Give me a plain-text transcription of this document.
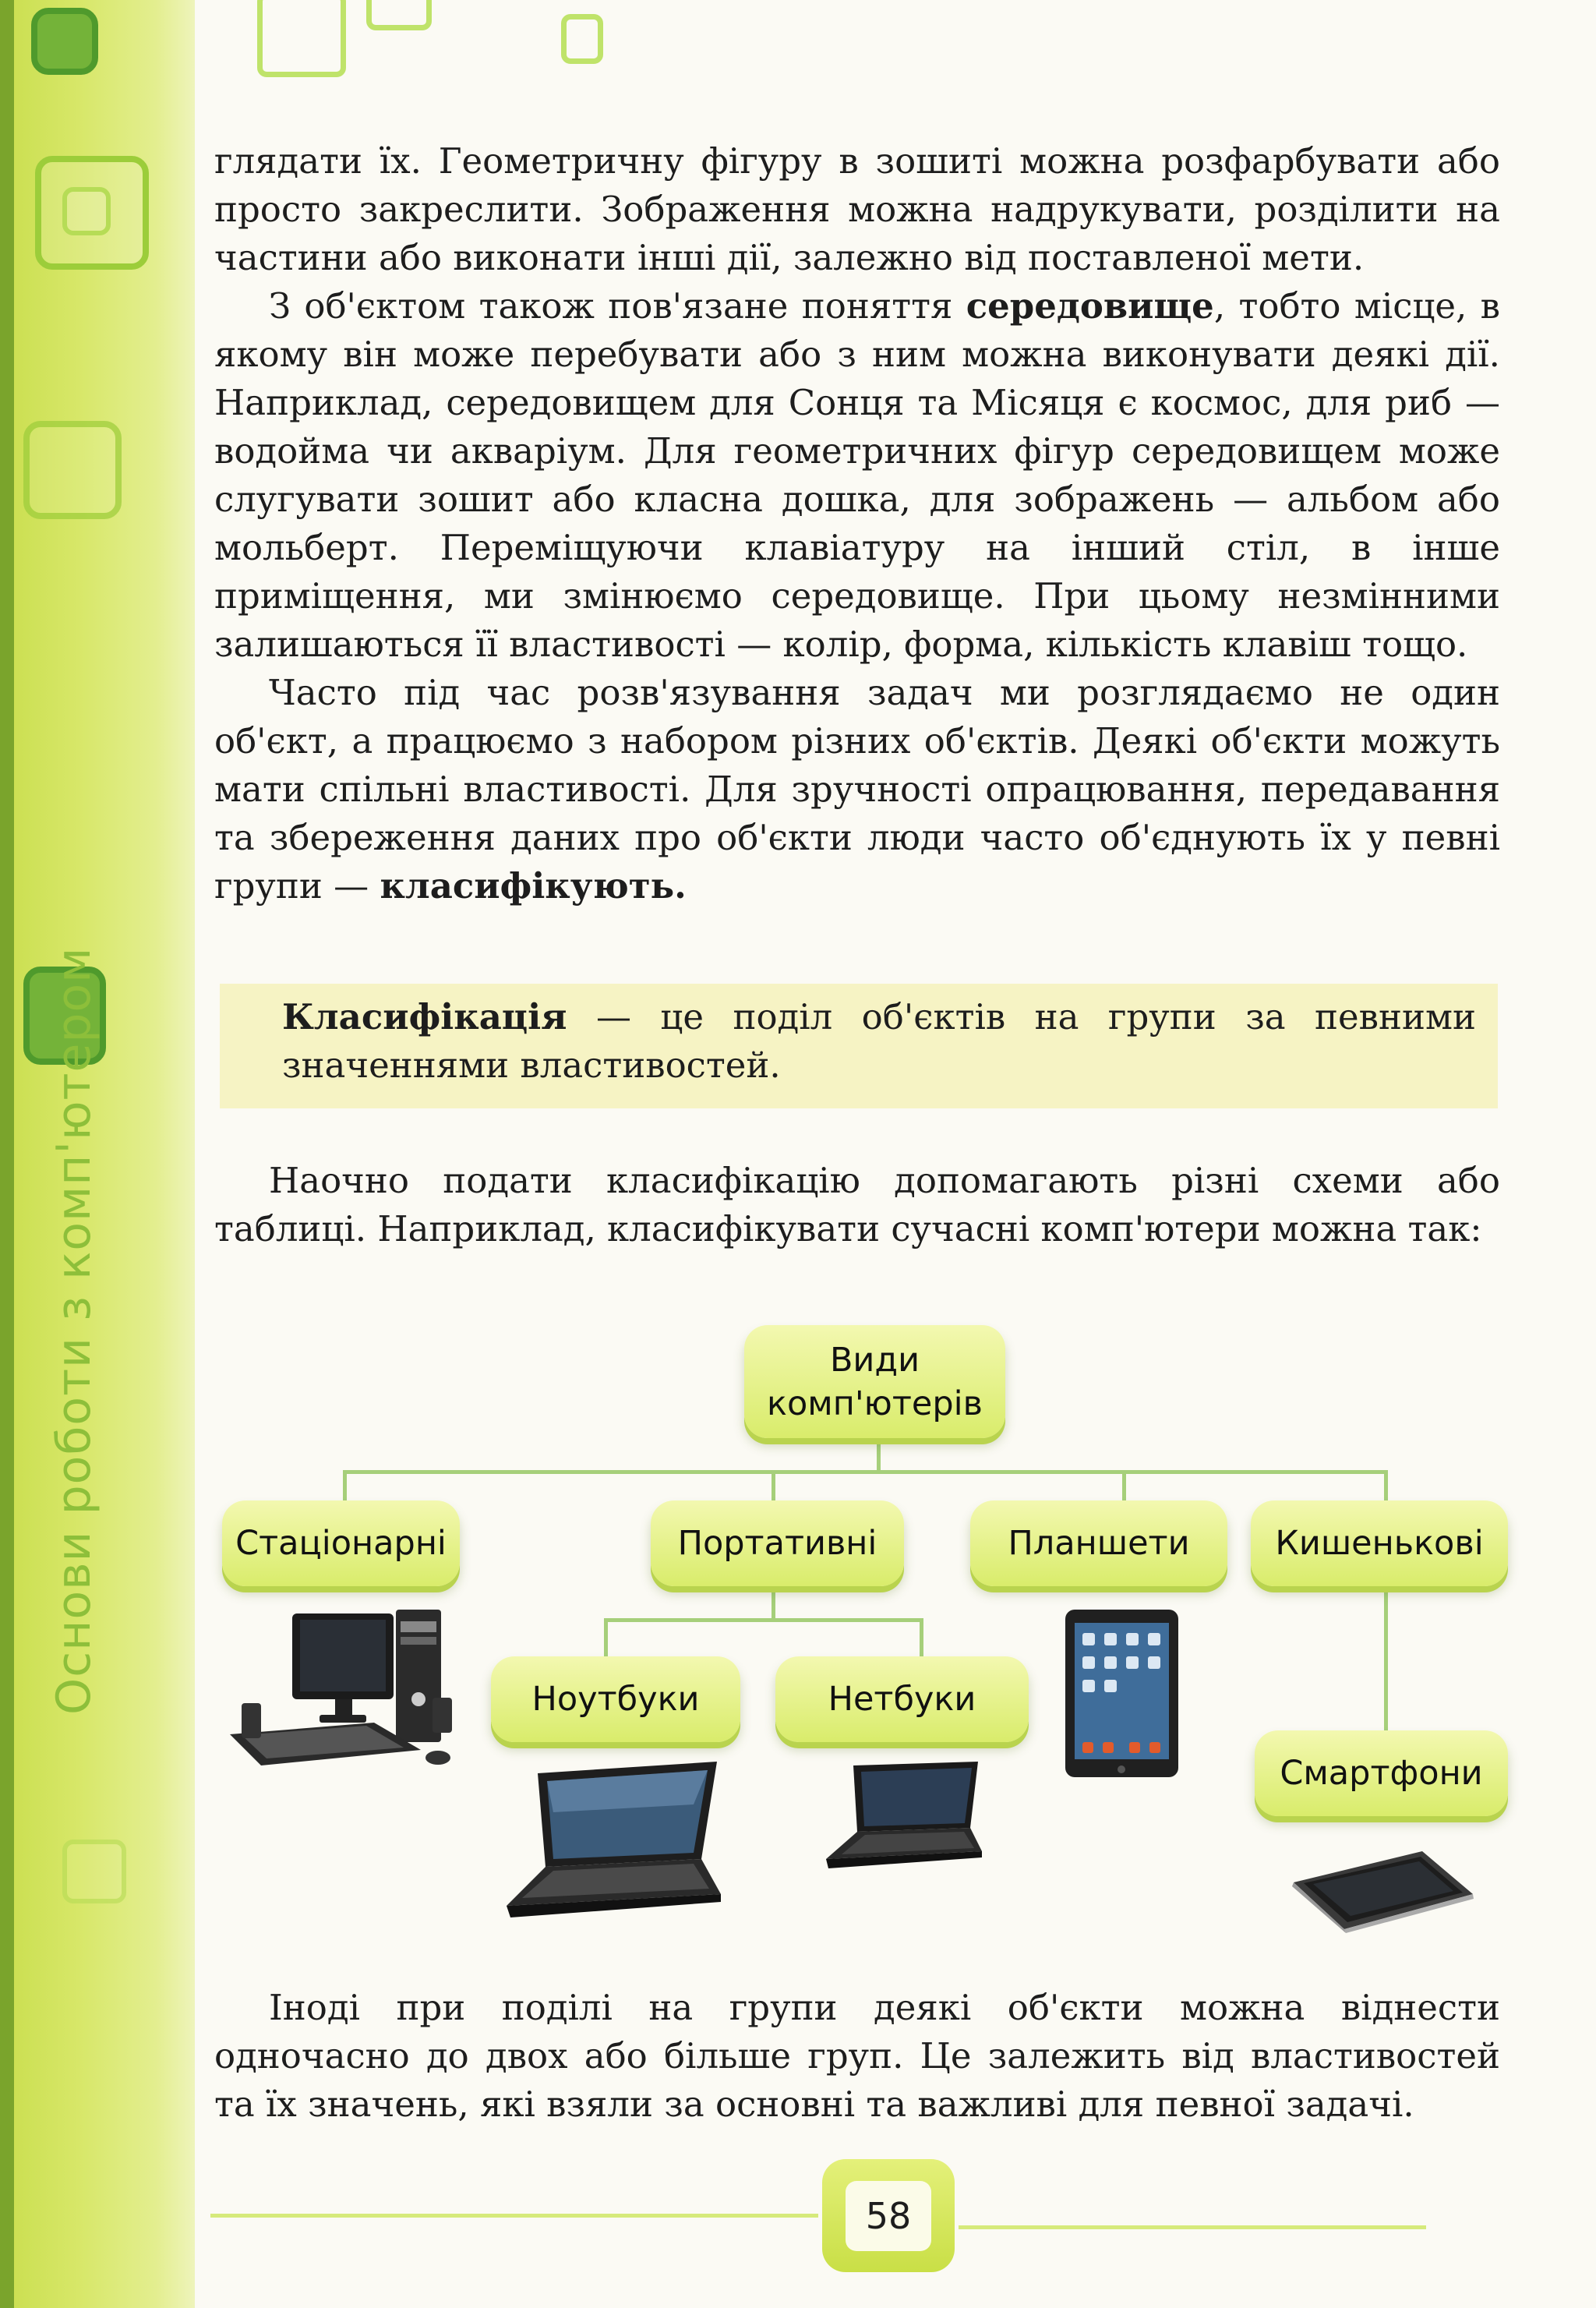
Основи роботи з комп'ютером

глядати їх. Геометричну фігуру в зошиті можна розфарбувати або просто закреслити. Зображення можна надрукувати, розділити на частини або виконати інші дії, залежно від поставленої мети.

З об'єктом також пов'язане поняття середовище, тобто місце, в якому він може перебувати або з ним можна виконувати деякі дії. Наприклад, середовищем для Сонця та Місяця є космос, для риб — водойма чи акваріум. Для геометричних фігур середовищем може слугувати зошит або класна дошка, для зображень — альбом або мольберт. Переміщуючи клавіатуру на інший стіл, в інше приміщення, ми змінюємо середовище. При цьому незмінними залишаються її властивості — колір, форма, кількість клавіш тощо.

Часто під час розв'язування задач ми розглядаємо не один об'єкт, а працюємо з набором різних об'єктів. Деякі об'єкти можуть мати спільні властивості. Для зручності опрацювання, передавання та збереження даних про об'єкти люди часто об'єднують їх у певні групи — класифікують.

Класифікація — це поділ об'єктів на групи за певними значеннями властивостей.

Наочно подати класифікацію допомагають різні схеми або таблиці. Наприклад, класифікувати сучасні комп'ютери можна так:

Види
комп'ютерів
Стаціонарні	Портативні	Планшети	Кишенькові
Ноутбуки	Нетбуки
Смартфони

Іноді при поділі на групи деякі об'єкти можна віднести одночасно до двох або більше груп. Це залежить від властивостей та їх значень, які взяли за основні та важливі для певної задачі.

58
